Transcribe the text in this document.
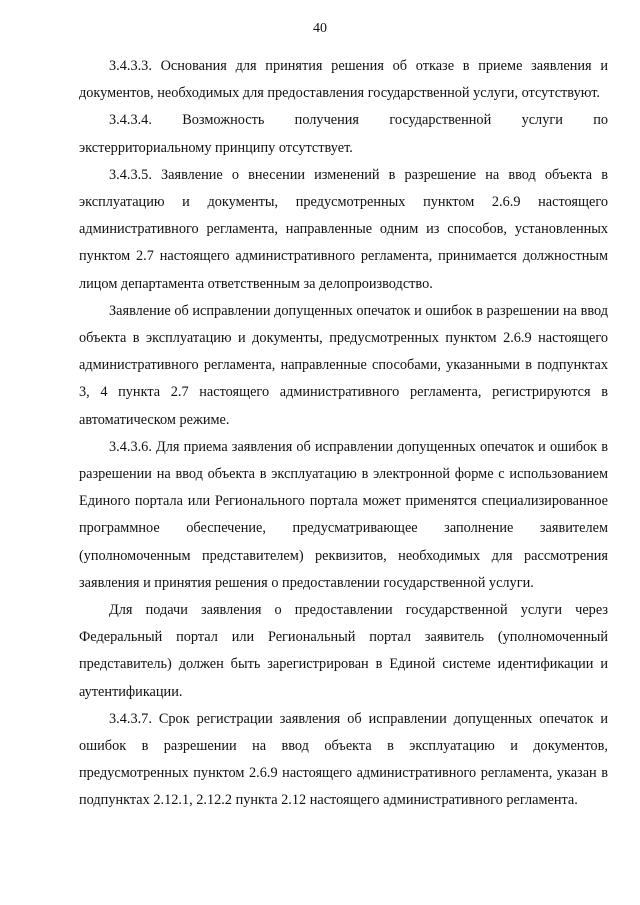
40

3.4.3.3. Основания для принятия решения об отказе в приеме заявления и документов, необходимых для предоставления государственной услуги, отсутствуют.

3.4.3.4. Возможность получения государственной услуги по экстерриториальному принципу отсутствует.

3.4.3.5. Заявление о внесении изменений в разрешение на ввод объекта в эксплуатацию и документы, предусмотренных пунктом 2.6.9 настоящего административного регламента, направленные одним из способов, установленных пунктом 2.7 настоящего административного регламента, принимается должностным лицом департамента ответственным за делопроизводство.

Заявление об исправлении допущенных опечаток и ошибок в разрешении на ввод объекта в эксплуатацию и документы, предусмотренных пунктом 2.6.9 настоящего административного регламента, направленные способами, указанными в подпунктах 3, 4 пункта 2.7 настоящего административного регламента, регистрируются в автоматическом режиме.

3.4.3.6. Для приема заявления об исправлении допущенных опечаток и ошибок в разрешении на ввод объекта в эксплуатацию в электронной форме с использованием Единого портала или Регионального портала может применятся специализированное программное обеспечение, предусматривающее заполнение заявителем (уполномоченным представителем) реквизитов, необходимых для рассмотрения заявления и принятия решения о предоставлении государственной услуги.

Для подачи заявления о предоставлении государственной услуги через Федеральный портал или Региональный портал заявитель (уполномоченный представитель) должен быть зарегистрирован в Единой системе идентификации и аутентификации.

3.4.3.7. Срок регистрации заявления об исправлении допущенных опечаток и ошибок в разрешении на ввод объекта в эксплуатацию и документов, предусмотренных пунктом 2.6.9 настоящего административного регламента, указан в подпунктах 2.12.1, 2.12.2 пункта 2.12 настоящего административного регламента.
